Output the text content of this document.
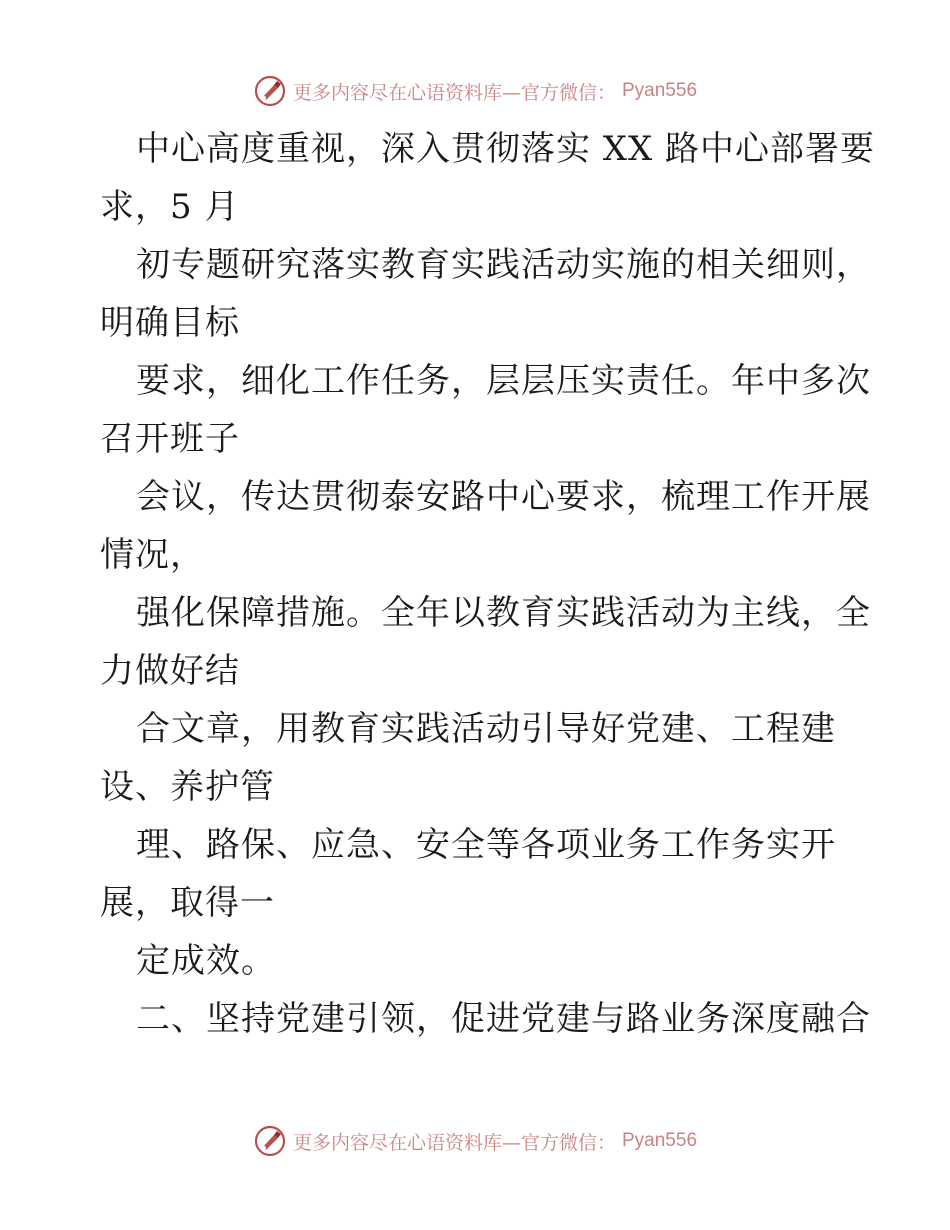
更多内容尽在心语资料库—官方微信： Pyan556
中心高度重视，深入贯彻落实 XX 路中心部署要
求，5 月
初专题研究落实教育实践活动实施的相关细则，
明确目标
要求，细化工作任务，层层压实责任。年中多次
召开班子
会议，传达贯彻泰安路中心要求，梳理工作开展
情况，
强化保障措施。全年以教育实践活动为主线，全
力做好结
合文章，用教育实践活动引导好党建、工程建
设、养护管
理、路保、应急、安全等各项业务工作务实开
展，取得一
定成效。
二、坚持党建引领，促进党建与路业务深度融合
更多内容尽在心语资料库—官方微信： Pyan556
